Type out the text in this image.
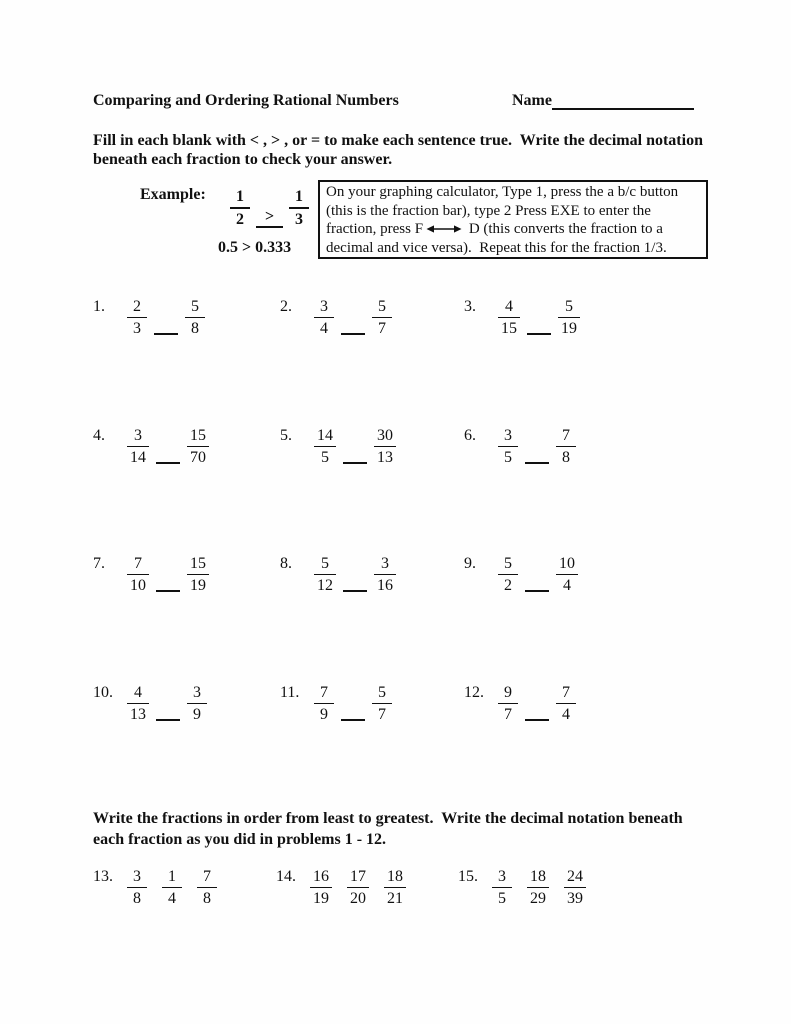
Comparing and Ordering Rational Numbers	Name
Fill in each blank with < , > , or = to make each sentence true.  Write the decimal notation
beneath each fraction to check your answer.
Example: $\frac{1}{2} > \frac{1}{3}$
0.5 > 0.333
On your graphing calculator, Type 1, press the a b/c button
(this is the fraction bar), type 2 Press EXE to enter the
fraction, press F	D (this converts the fraction to a
decimal and vice versa).  Repeat this for the fraction 1/3.
1.	$\frac{2}{3} \frac{5}{8}$	2.	$\frac{3}{4} \frac{5}{7}$	3.	$\frac{4}{15} \frac{5}{19}$
4.	$\frac{3}{14} \frac{15}{70}$	5.	$\frac{14}{5} \frac{30}{13}$	6.	$\frac{3}{5} \frac{7}{8}$
7.	$\frac{7}{10} \frac{15}{19}$	8.	$\frac{5}{12} \frac{3}{16}$	9.	$\frac{5}{2} \frac{10}{4}$
10. $\frac{4}{13} \frac{3}{9}$	11. $\frac{7}{9} \frac{5}{7}$	12. $\frac{9}{7} \frac{7}{4}$
Write the fractions in order from least to greatest.  Write the decimal notation beneath
each fraction as you did in problems 1 - 12.
13. $\frac{3}{8} \frac{1}{4} \frac{7}{8}$	14. $\frac{16}{19} \frac{17}{20} \frac{18}{21}$	15. $\frac{3}{5} \frac{18}{29} \frac{24}{39}$
